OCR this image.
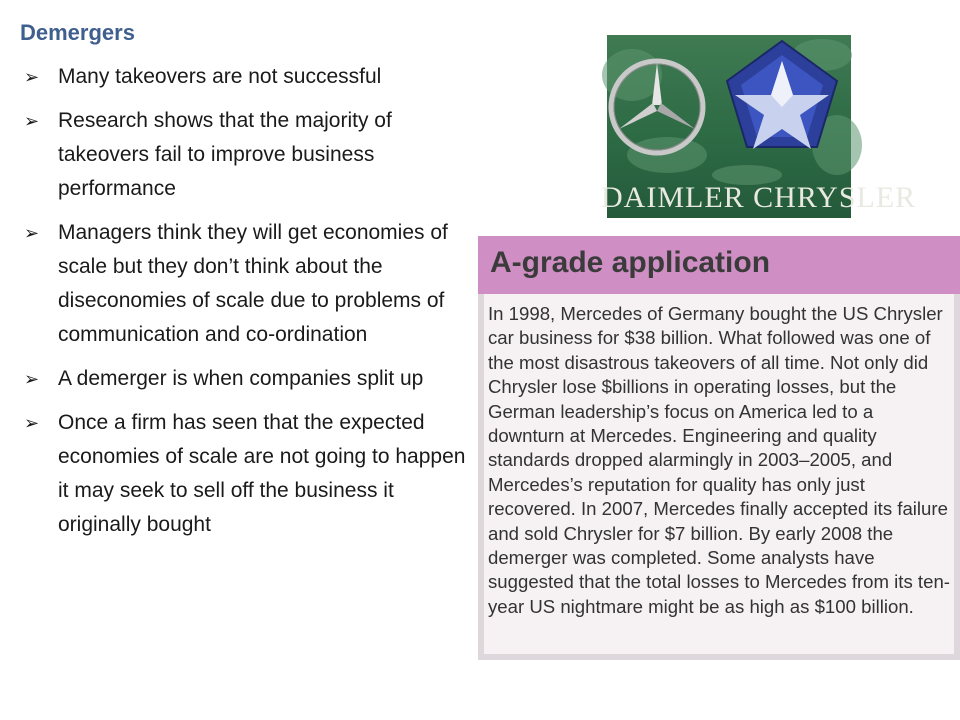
Demergers
➢ Many takeovers are not successful
➢ Research shows that the majority of takeovers fail to improve business performance
➢ Managers think they will get economies of scale but they don’t think about the diseconomies of scale due to problems of communication and co-ordination
➢ A demerger is when companies split up
➢ Once a firm has seen that the expected economies of scale are not going to happen it may seek to sell off the business it originally bought
DAIMLER CHRYSLER
A-grade application

In 1998, Mercedes of Germany bought the US Chrysler car business for $38 billion. What followed was one of the most disastrous takeovers of all time. Not only did Chrysler lose $billions in operating losses, but the German leadership’s focus on America led to a downturn at Mercedes. Engineering and quality standards dropped alarmingly in 2003–2005, and Mercedes’s reputation for quality has only just recovered. In 2007, Mercedes finally accepted its failure and sold Chrysler for $7 billion. By early 2008 the demerger was completed. Some analysts have suggested that the total losses to Mercedes from its ten-year US nightmare might be as high as $100 billion.
